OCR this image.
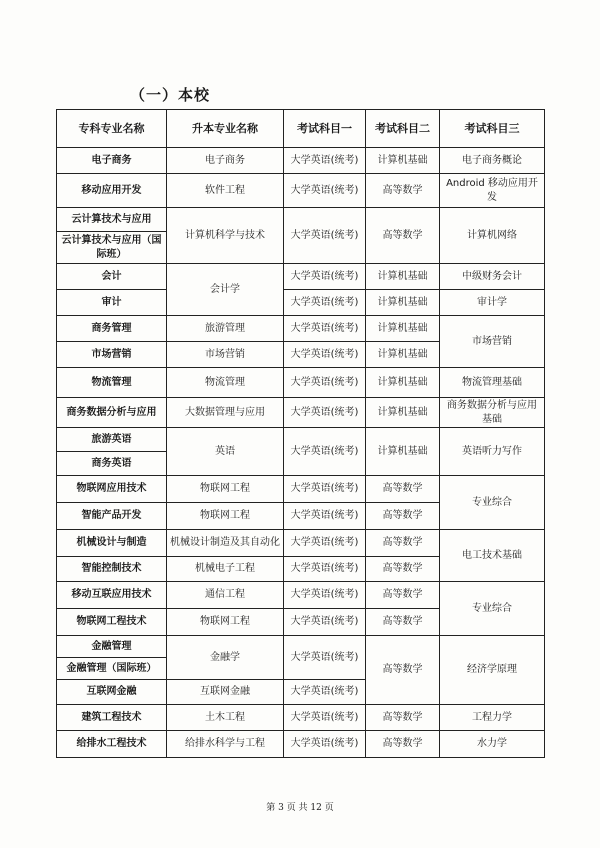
（一）本校
专科专业名称	升本专业名称	考试科目一	考试科目二	考试科目三
电子商务	电子商务	大学英语(统考)	计算机基础	电子商务概论
移动应用开发	软件工程	大学英语(统考)	高等数学	Android 移动应用开发
云计算技术与应用	计算机科学与技术	大学英语(统考)	高等数学	计算机网络
云计算技术与应用（国际班）				
会计	会计学	大学英语(统考)	计算机基础	中级财务会计
审计		大学英语(统考)	计算机基础	审计学
商务管理	旅游管理	大学英语(统考)	计算机基础	市场营销
市场营销	市场营销	大学英语(统考)	计算机基础	
物流管理	物流管理	大学英语(统考)	计算机基础	物流管理基础
商务数据分析与应用	大数据管理与应用	大学英语(统考)	计算机基础	商务数据分析与应用基础
旅游英语	英语	大学英语(统考)	计算机基础	英语听力写作
商务英语				
物联网应用技术	物联网工程	大学英语(统考)	高等数学	专业综合
智能产品开发	物联网工程	大学英语(统考)	高等数学	
机械设计与制造	机械设计制造及其自动化	大学英语(统考)	高等数学	电工技术基础
智能控制技术	机械电子工程	大学英语(统考)	高等数学	
移动互联应用技术	通信工程	大学英语(统考)	高等数学	专业综合
物联网工程技术	物联网工程	大学英语(统考)	高等数学	
金融管理	金融学	大学英语(统考)	高等数学	经济学原理
金融管理（国际班）				
互联网金融	互联网金融	大学英语(统考)		
建筑工程技术	土木工程	大学英语(统考)	高等数学	工程力学
给排水工程技术	给排水科学与工程	大学英语(统考)	高等数学	水力学
第 3 页 共 12 页
